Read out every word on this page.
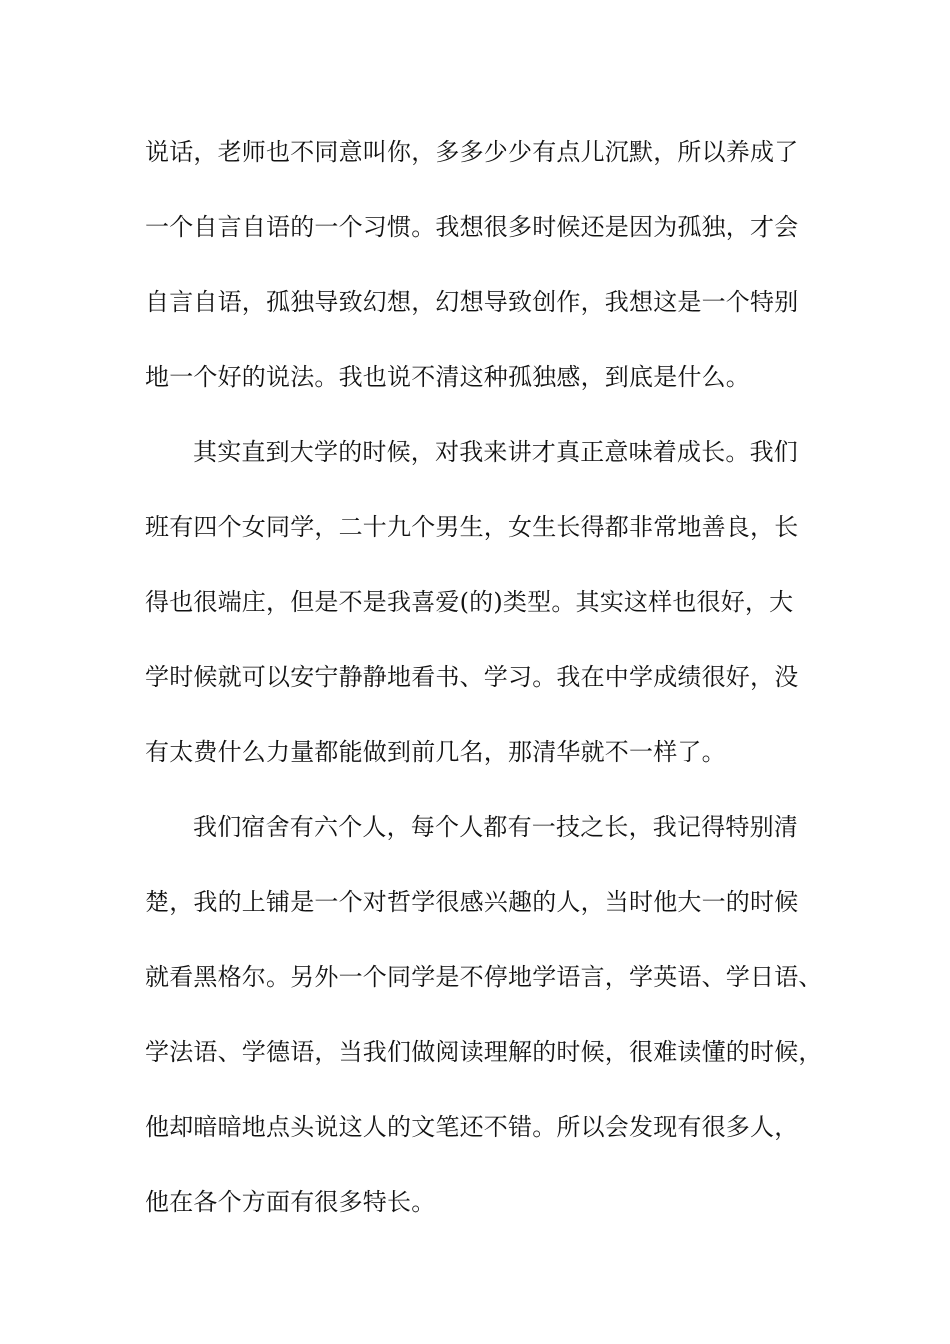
说话，老师也不同意叫你，多多少少有点儿沉默，所以养成了
一个自言自语的一个习惯。我想很多时候还是因为孤独，才会
自言自语，孤独导致幻想，幻想导致创作，我想这是一个特别
地一个好的说法。我也说不清这种孤独感，到底是什么。
其实直到大学的时候，对我来讲才真正意味着成长。我们
班有四个女同学，二十九个男生，女生长得都非常地善良，长
得也很端庄，但是不是我喜爱(的)类型。其实这样也很好，大
学时候就可以安宁静静地看书、学习。我在中学成绩很好，没
有太费什么力量都能做到前几名，那清华就不一样了。
我们宿舍有六个人，每个人都有一技之长，我记得特别清
楚，我的上铺是一个对哲学很感兴趣的人，当时他大一的时候
就看黑格尔。另外一个同学是不停地学语言，学英语、学日语、
学法语、学德语，当我们做阅读理解的时候，很难读懂的时候，
他却暗暗地点头说这人的文笔还不错。所以会发现有很多人，
他在各个方面有很多特长。
